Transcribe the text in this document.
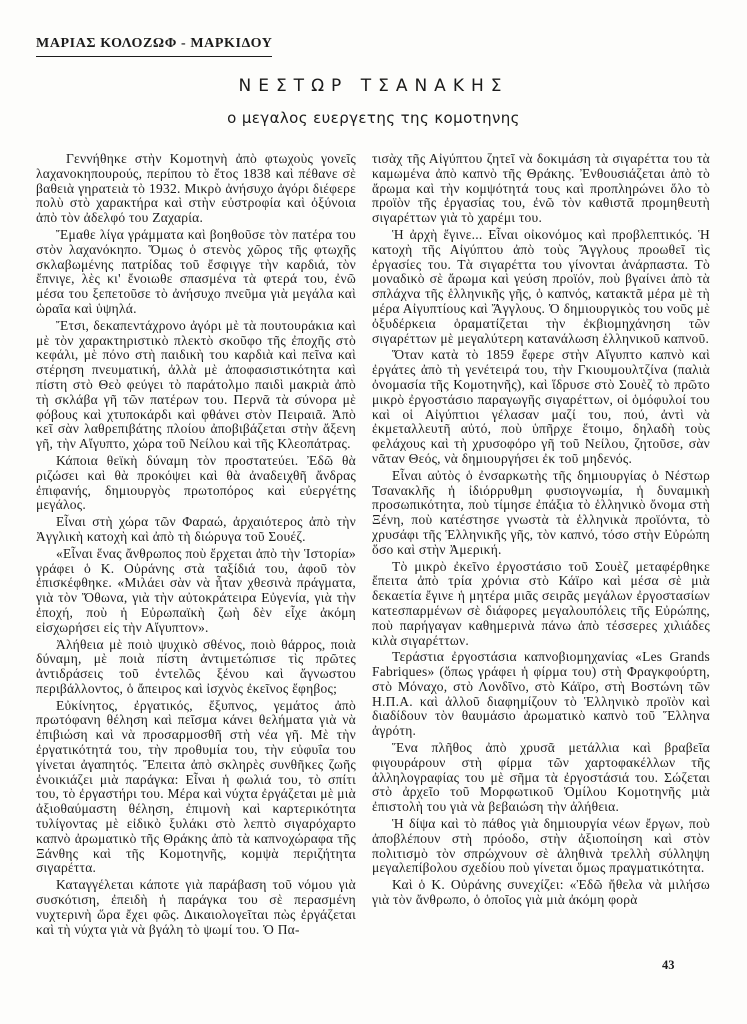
ΜΑΡΙΑΣ ΚΟΛΟΖΩΦ - ΜΑΡΚΙΔΟΥ
ΝΕΣΤΩΡ ΤΣΑΝΑΚΗΣ
ο μεγαλος ευεργετης της κομοτηνης

Γεννήθηκε στὴν Κομοτηνὴ ἀπὸ φτωχοὺς γονεῖς λαχανοκηπουρούς, περίπου τὸ ἔτος 1838 καὶ πέθανε σὲ βαθειὰ γηρατειὰ τὸ 1932. Μικρὸ ἀνήσυχο ἀγόρι διέφερε πολὺ στὸ χαρακτήρα καὶ στὴν εὐστροφία καὶ ὀξύνοια ἀπὸ τὸν ἀδελφό του Ζαχαρία.

Ἔμαθε λίγα γράμματα καὶ βοηθοῦσε τὸν πατέρα του στὸν λαχανόκηπο. Ὅμως ὁ στενὸς χῶρος τῆς φτωχῆς σκλαβωμένης πατρίδας τοῦ ἔσφιγγε τὴν καρδιά, τὸν ἔπνιγε, λὲς κι' ἔνοιωθε σπασμένα τὰ φτερά του, ἐνῶ μέσα του ξεπετοῦσε τὸ ἀνήσυχο πνεῦμα γιὰ μεγάλα καὶ ὡραῖα καὶ ὑψηλά.

Ἔτσι, δεκαπεντάχρονο ἀγόρι μὲ τὰ πουτουράκια καὶ μὲ τὸν χαρακτηριστικὸ πλεκτὸ σκοῦφο τῆς ἐποχῆς στὸ κεφάλι, μὲ πόνο στὴ παιδικὴ του καρδιὰ καὶ πεῖνα καὶ στέρηση πνευματική, ἀλλὰ μὲ ἀποφασιστικότητα καὶ πίστη στὸ Θεὸ φεύγει τὸ παράτολμο παιδὶ μακριὰ ἀπὸ τὴ σκλάβα γῆ τῶν πατέρων του. Περνᾶ τὰ σύνορα μὲ φόβους καὶ χτυποκάρδι καὶ φθάνει στὸν Πειραιᾶ. Ἀπὸ κεῖ σὰν λαθρεπιβάτης πλοίου ἀποβιβάζεται στὴν ἄξενη γῆ, τὴν Αἴγυπτο, χώρα τοῦ Νείλου καὶ τῆς Κλεοπάτρας.

Κάποια θεϊκὴ δύναμη τὸν προστατεύει. Ἐδῶ θὰ ριζώσει καὶ θὰ προκόψει καὶ θὰ ἀναδειχθῆ ἄνδρας ἐπιφανής, δημιουργὸς πρωτοπόρος καὶ εὐεργέτης μεγάλος.

Εἶναι στὴ χώρα τῶν Φαραώ, ἀρχαιότερος ἀπὸ τὴν Ἀγγλικὴ κατοχὴ καὶ ἀπὸ τὴ διώρυγα τοῦ Σουέζ.

«Εἶναι ἕνας ἄνθρωπος ποὺ ἔρχεται ἀπὸ τὴν Ἱστορία» γράφει ὁ Κ. Οὐράνης στὰ ταξίδιά του, ἀφοῦ τὸν ἐπισκέφθηκε. «Μιλάει σὰν νὰ ἦταν χθεσινὰ πράγματα, γιὰ τὸν Ὄθωνα, γιὰ τὴν αὐτοκράτειρα Εὐγενία, γιὰ τὴν ἐποχή, ποὺ ἡ Εὐρωπαϊκὴ ζωὴ δὲν εἶχε ἀκόμη εἰσχωρήσει εἰς τὴν Αἴγυπτον».

Ἀλήθεια μὲ ποιὸ ψυχικὸ σθένος, ποιὸ θάρρος, ποιὰ δύναμη, μὲ ποιὰ πίστη ἀντιμετώπισε τὶς πρῶτες ἀντιδράσεις τοῦ ἐντελῶς ξένου καὶ ἄγνωστου περιβάλλοντος, ὁ ἄπειρος καὶ ἰσχνὸς ἐκεῖνος ἔφηβος;

Εὐκίνητος, ἐργατικός, ἔξυπνος, γεμάτος ἀπὸ πρωτόφανη θέληση καὶ πεῖσμα κάνει θελήματα γιὰ νὰ ἐπιβιώση καὶ νὰ προσαρμοσθῆ στὴ νέα γῆ. Μὲ τὴν ἐργατικότητά του, τὴν προθυμία του, τὴν εὐφυΐα του γίνεται ἀγαπητός. Ἔπειτα ἀπὸ σκληρὲς συνθῆκες ζωῆς ἐνοικιάζει μιὰ παράγκα: Εἶναι ἡ φωλιά του, τὸ σπίτι του, τὸ ἐργαστήρι του. Μέρα καὶ νύχτα ἐργάζεται μὲ μιὰ ἀξιοθαύμαστη θέληση, ἐπιμονὴ καὶ καρτερικότητα τυλίγοντας μὲ εἰδικὸ ξυλάκι στὸ λεπτὸ σιγαρόχαρτο καπνὸ ἀρωματικὸ τῆς Θράκης ἀπὸ τὰ καπνοχώραφα τῆς Ξάνθης καὶ τῆς Κομοτηνῆς, κομψὰ περιζήτητα σιγαρέττα.

Καταγγέλεται κάποτε γιὰ παράβαση τοῦ νόμου γιὰ συσκότιση, ἐπειδὴ ἡ παράγκα του σὲ περασμένη νυχτερινὴ ὥρα ἔχει φῶς. Δικαιολογεῖται πὼς ἐργάζεται καὶ τὴ νύχτα γιὰ νὰ βγάλη τὸ ψωμί του. Ὁ Πα-

τισὰχ τῆς Αἰγύπτου ζητεῖ νὰ δοκιμάση τὰ σιγαρέττα του τὰ καμωμένα ἀπὸ καπνὸ τῆς Θράκης. Ἐνθουσιάζεται ἀπὸ τὸ ἄρωμα καὶ τὴν κομψότητά τους καὶ προπληρώνει ὅλο τὸ προϊὸν τῆς ἐργασίας του, ἐνῶ τὸν καθιστᾶ προμηθευτὴ σιγαρέττων γιὰ τὸ χαρέμι του.

Ἡ ἀρχὴ ἔγινε... Εἶναι οἰκονόμος καὶ προβλεπτικός. Ἡ κατοχὴ τῆς Αἰγύπτου ἀπὸ τοὺς Ἄγγλους προωθεῖ τὶς ἐργασίες του. Τὰ σιγαρέττα του γίνονται ἀνάρπαστα. Τὸ μοναδικὸ σὲ ἄρωμα καὶ γεύση προϊόν, ποὺ βγαίνει ἀπὸ τὰ σπλάχνα τῆς ἑλληνικῆς γῆς, ὁ καπνός, κατακτᾶ μέρα μὲ τὴ μέρα Αἰγυπτίους καὶ Ἄγγλους. Ὁ δημιουργικὸς του νοῦς μὲ ὀξυδέρκεια ὁραματίζεται τὴν ἐκβιομηχάνηση τῶν σιγαρέττων μὲ μεγαλύτερη κατανάλωση ἑλληνικοῦ καπνοῦ.

Ὅταν κατὰ τὸ 1859 ἔφερε στὴν Αἴγυπτο καπνὸ καὶ ἐργάτες ἀπὸ τὴ γενέτειρά του, τὴν Γκιουμουλτζίνα (παλιὰ ὀνομασία τῆς Κομοτηνῆς), καὶ ἵδρυσε στὸ Σουὲζ τὸ πρῶτο μικρὸ ἐργοστάσιο παραγωγῆς σιγαρέττων, οἱ ὁμόφυλοί του καὶ οἱ Αἰγύπτιοι γέλασαν μαζί του, πού, ἀντὶ νὰ ἐκμεταλλευτῆ αὐτό, ποὺ ὑπῆρχε ἕτοιμο, δηλαδὴ τοὺς φελάχους καὶ τὴ χρυσοφόρο γῆ τοῦ Νείλου, ζητοῦσε, σὰν νᾶταν Θεός, νὰ δημιουργήσει ἐκ τοῦ μηδενός.

Εἶναι αὐτὸς ὁ ἐνσαρκωτὴς τῆς δημιουργίας ὁ Νέστωρ Τσανακλῆς ἡ ἰδιόρρυθμη φυσιογνωμία, ἡ δυναμικὴ προσωπικότητα, ποὺ τίμησε ἐπάξια τὸ ἑλληνικὸ ὄνομα στὴ Ξένη, ποὺ κατέστησε γνωστὰ τὰ ἑλληνικὰ προϊόντα, τὸ χρυσάφι τῆς Ἑλληνικῆς γῆς, τὸν καπνό, τόσο στὴν Εὐρώπη ὅσο καὶ στὴν Ἀμερική.

Τὸ μικρὸ ἐκεῖνο ἐργοστάσιο τοῦ Σουὲζ μεταφέρθηκε ἔπειτα ἀπὸ τρία χρόνια στὸ Κάϊρο καὶ μέσα σὲ μιὰ δεκαετία ἔγινε ἡ μητέρα μιᾶς σειρᾶς μεγάλων ἐργοστασίων κατεσπαρμένων σὲ διάφορες μεγαλουπόλεις τῆς Εὐρώπης, ποὺ παρήγαγαν καθημερινὰ πάνω ἀπὸ τέσσερες χιλιάδες κιλὰ σιγαρέττων.

Τεράστια ἐργοστάσια καπνοβιομηχανίας «Les Grands Fabriques» (ὅπως γράφει ἡ φίρμα του) στὴ Φραγκφούρτη, στὸ Μόναχο, στὸ Λονδῖνο, στὸ Κάϊρο, στὴ Βοστώνη τῶν Η.Π.Α. καὶ ἀλλοῦ διαφημίζουν τὸ Ἑλληνικὸ προϊὸν καὶ διαδίδουν τὸν θαυμάσιο ἀρωματικὸ καπνὸ τοῦ Ἕλληνα ἀγρότη.

Ἕνα πλῆθος ἀπὸ χρυσᾶ μετάλλια καὶ βραβεῖα φιγουράρουν στὴ φίρμα τῶν χαρτοφακέλλων τῆς ἀλληλογραφίας του μὲ σῆμα τὰ ἐργοστάσιά του. Σώζεται στὸ ἀρχεῖο τοῦ Μορφωτικοῦ Ὁμίλου Κομοτηνῆς μιὰ ἐπιστολὴ του γιὰ νὰ βεβαιώση τὴν ἀλήθεια.

Ἡ δίψα καὶ τὸ πάθος γιὰ δημιουργία νέων ἔργων, ποὺ ἀποβλέπουν στὴ πρόοδο, στὴν ἀξιοποίηση καὶ στὸν πολιτισμὸ τὸν σπρώχνουν σὲ ἀληθινὰ τρελλὴ σύλληψη μεγαλεπίβολου σχεδίου ποὺ γίνεται ὅμως πραγματικότητα.

Καὶ ὁ Κ. Οὐράνης συνεχίζει: «Ἐδῶ ἤθελα νὰ μιλήσω γιὰ τὸν ἄνθρωπο, ὁ ὁποῖος γιὰ μιὰ ἀκόμη φορὰ

43
